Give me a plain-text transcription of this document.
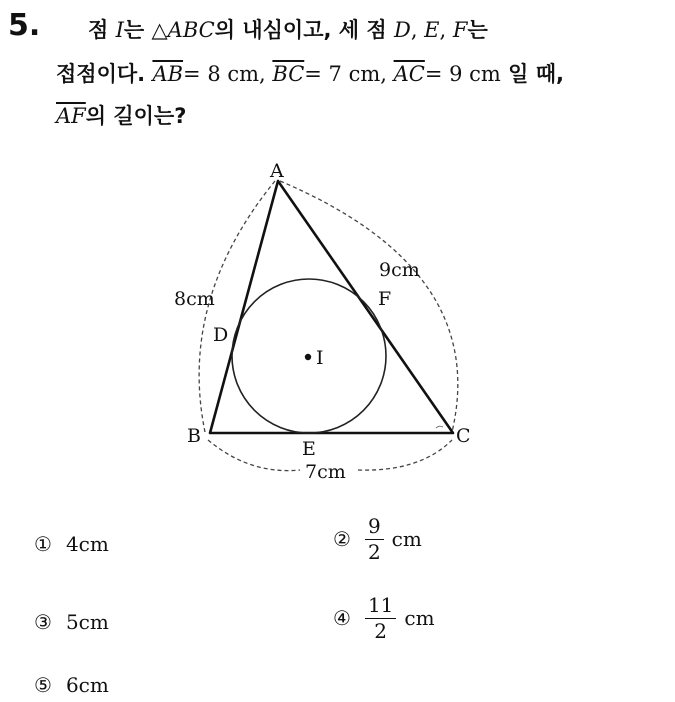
5. 점 I는 △ABC의 내심이고, 세 점 D, E, F는
접점이다. $\overline{AB}= 8$ cm, $\overline{BC}= 7$ cm, $\overline{AC}= 9$ cm 일 때,
$\overline{AF}$의 길이는?
A
B	C
D
E
F
I
8cm
9cm
7cm
① 4cm	② $\frac{9}{2}$ cm
③ 5cm	④ $\frac{11}{2}$ cm
⑤ 6cm
